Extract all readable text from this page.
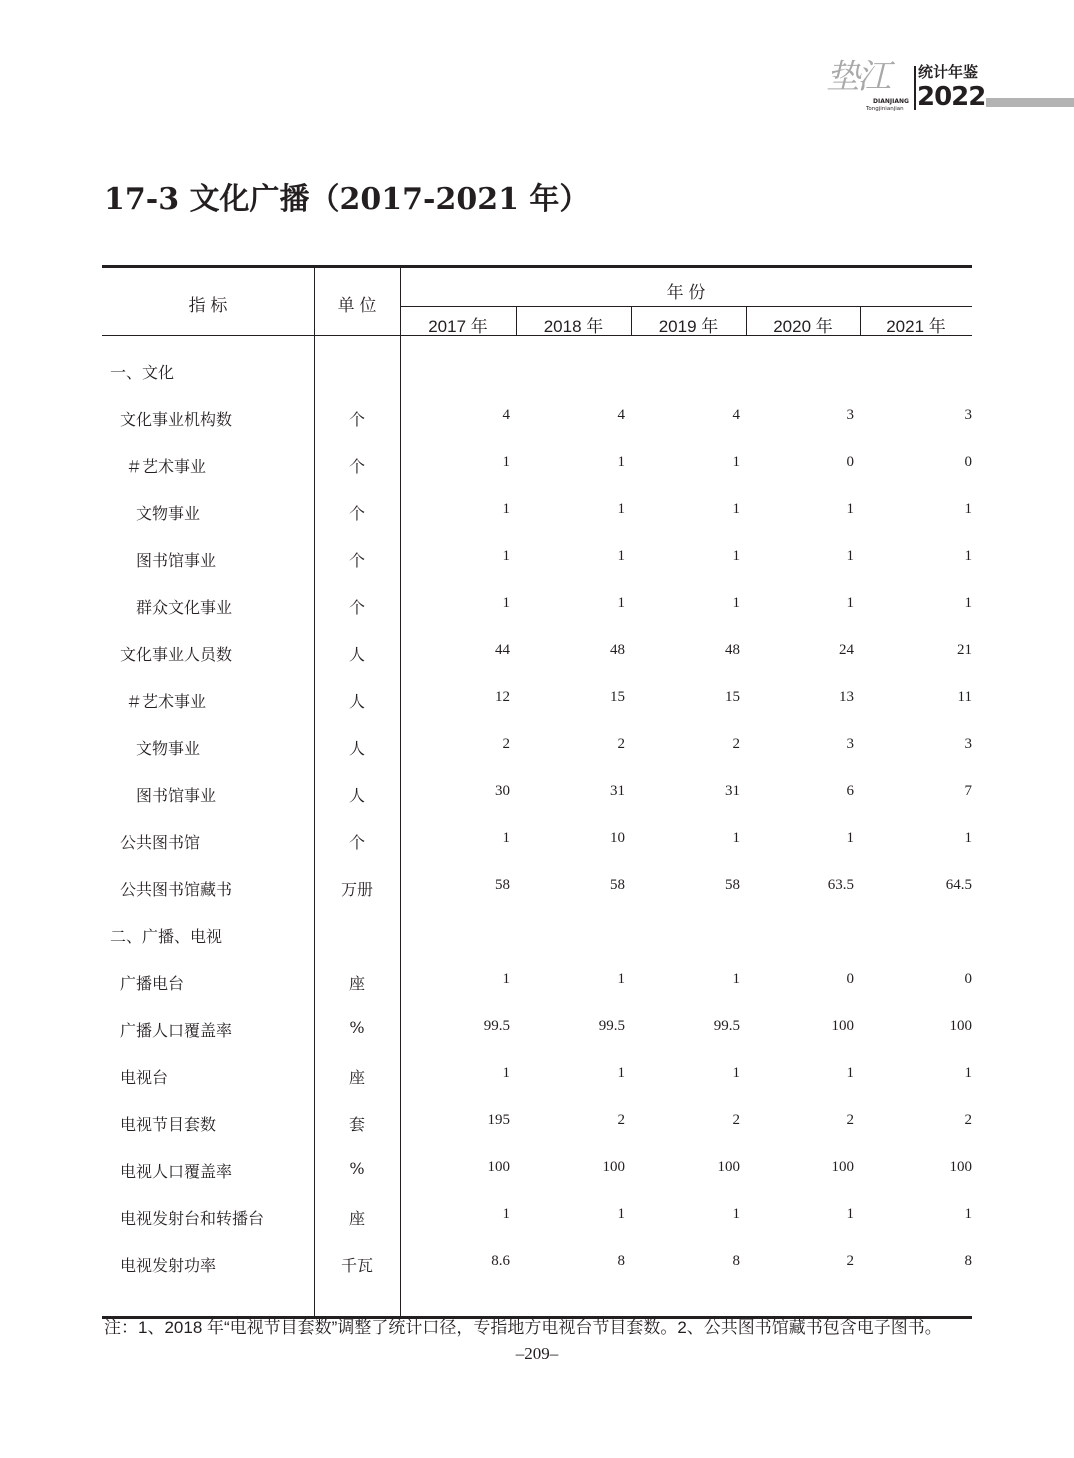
垫江
DIANJIANG
Tongjinianjian
统计年鉴
2022
17-3 文化广播（2017-2021 年）
指 标	单 位
年 份
2017 年	2018 年	2019 年	2020 年	2021 年
一、文化
文化事业机构数	个	4	4	4	3	3
＃艺术事业	个	1	1	1	0	0
文物事业	个	1	1	1	1	1
图书馆事业	个	1	1	1	1	1
群众文化事业	个	1	1	1	1	1
文化事业人员数	人	44	48	48	24	21
＃艺术事业	人	12	15	15	13	11
文物事业	人	2	2	2	3	3
图书馆事业	人	30	31	31	6	7
公共图书馆	个	1	10	1	1	1
公共图书馆藏书	万册	58	58	58	63.5	64.5
二、广播、电视
广播电台	座	1	1	1	0	0
广播人口覆盖率	%	99.5	99.5	99.5	100	100
电视台	座	1	1	1	1	1
电视节目套数	套	195	2	2	2	2
电视人口覆盖率	%	100	100	100	100	100
电视发射台和转播台	座	1	1	1	1	1
电视发射功率	千瓦	8.6	8	8	2	8
注：1、2018 年“电视节目套数”调整了统计口径，专指地方电视台节目套数。2、公共图书馆藏书包含电子图书。
–209–
